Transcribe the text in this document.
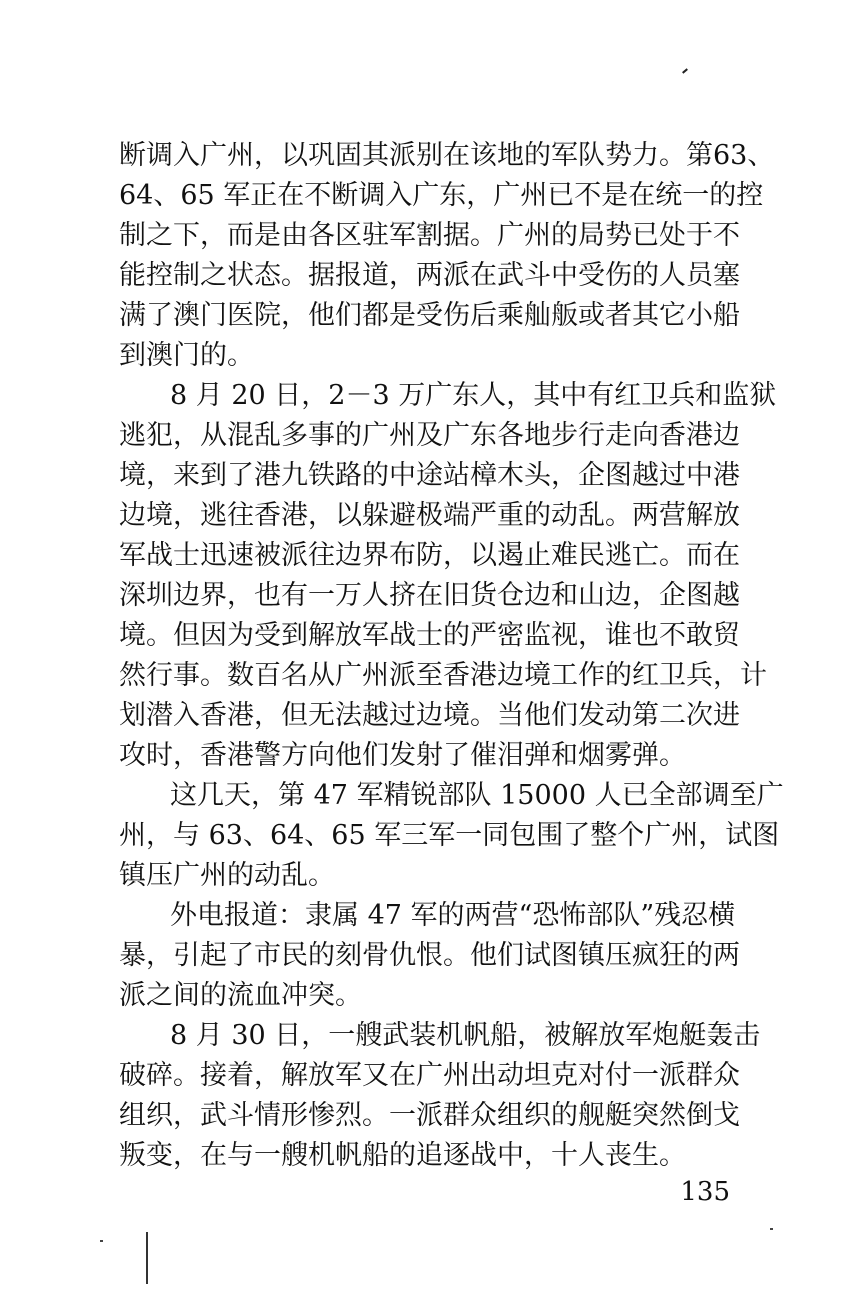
断调入广州，以巩固其派别在该地的军队势力。第63、
64、65 军正在不断调入广东，广州已不是在统一的控
制之下，而是由各区驻军割据。广州的局势已处于不
能控制之状态。据报道，两派在武斗中受伤的人员塞
满了澳门医院，他们都是受伤后乘舢舨或者其它小船
到澳门的。
8 月 20 日，2－3 万广东人，其中有红卫兵和监狱
逃犯，从混乱多事的广州及广东各地步行走向香港边
境，来到了港九铁路的中途站樟木头，企图越过中港
边境，逃往香港，以躲避极端严重的动乱。两营解放
军战士迅速被派往边界布防，以遏止难民逃亡。而在
深圳边界，也有一万人挤在旧货仓边和山边，企图越
境。但因为受到解放军战士的严密监视，谁也不敢贸
然行事。数百名从广州派至香港边境工作的红卫兵，计
划潜入香港，但无法越过边境。当他们发动第二次进
攻时，香港警方向他们发射了催泪弹和烟雾弹。
这几天，第 47 军精锐部队 15000 人已全部调至广
州，与 63、64、65 军三军一同包围了整个广州，试图
镇压广州的动乱。
外电报道：隶属 47 军的两营“恐怖部队”残忍横
暴，引起了市民的刻骨仇恨。他们试图镇压疯狂的两
派之间的流血冲突。
8 月 30 日，一艘武装机帆船，被解放军炮艇轰击
破碎。接着，解放军又在广州出动坦克对付一派群众
组织，武斗情形惨烈。一派群众组织的舰艇突然倒戈
叛变，在与一艘机帆船的追逐战中，十人丧生。
135
